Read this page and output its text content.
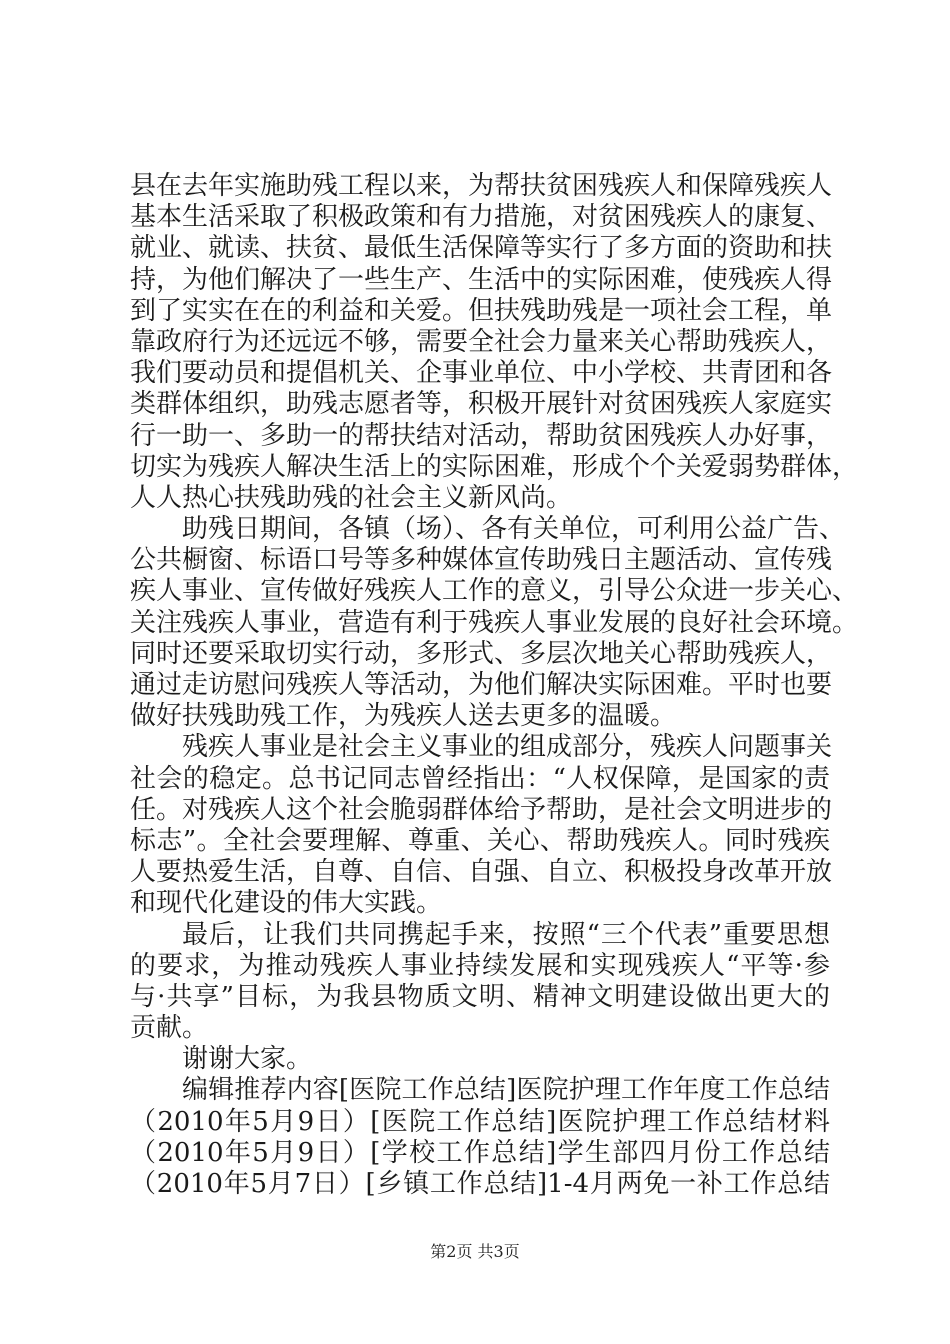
县在去年实施助残工程以来，为帮扶贫困残疾人和保障残疾人
基本生活采取了积极政策和有力措施，对贫困残疾人的康复、
就业、就读、扶贫、最低生活保障等实行了多方面的资助和扶
持，为他们解决了一些生产、生活中的实际困难，使残疾人得
到了实实在在的利益和关爱。但扶残助残是一项社会工程，单
靠政府行为还远远不够，需要全社会力量来关心帮助残疾人，
我们要动员和提倡机关、企事业单位、中小学校、共青团和各
类群体组织，助残志愿者等，积极开展针对贫困残疾人家庭实
行一助一、多助一的帮扶结对活动，帮助贫困残疾人办好事，
切实为残疾人解决生活上的实际困难，形成个个关爱弱势群体，
人人热心扶残助残的社会主义新风尚。
助残日期间，各镇（场）、各有关单位，可利用公益广告、
公共橱窗、标语口号等多种媒体宣传助残日主题活动、宣传残
疾人事业、宣传做好残疾人工作的意义，引导公众进一步关心、
关注残疾人事业，营造有利于残疾人事业发展的良好社会环境。
同时还要采取切实行动，多形式、多层次地关心帮助残疾人，
通过走访慰问残疾人等活动，为他们解决实际困难。平时也要
做好扶残助残工作，为残疾人送去更多的温暖。
残疾人事业是社会主义事业的组成部分，残疾人问题事关
社会的稳定。总书记同志曾经指出：“人权保障，是国家的责
任。对残疾人这个社会脆弱群体给予帮助，是社会文明进步的
标志”。全社会要理解、尊重、关心、帮助残疾人。同时残疾
人要热爱生活，自尊、自信、自强、自立、积极投身改革开放
和现代化建设的伟大实践。
最后，让我们共同携起手来，按照“三个代表”重要思想
的要求，为推动残疾人事业持续发展和实现残疾人“平等·参
与·共享”目标，为我县物质文明、精神文明建设做出更大的
贡献。
谢谢大家。
编辑推荐内容[医院工作总结]医院护理工作年度工作总结
（2010年5月9日）[医院工作总结]医院护理工作总结材料
（2010年5月9日）[学校工作总结]学生部四月份工作总结
（2010年5月7日）[乡镇工作总结]1-4月两免一补工作总结
第2页 共3页
